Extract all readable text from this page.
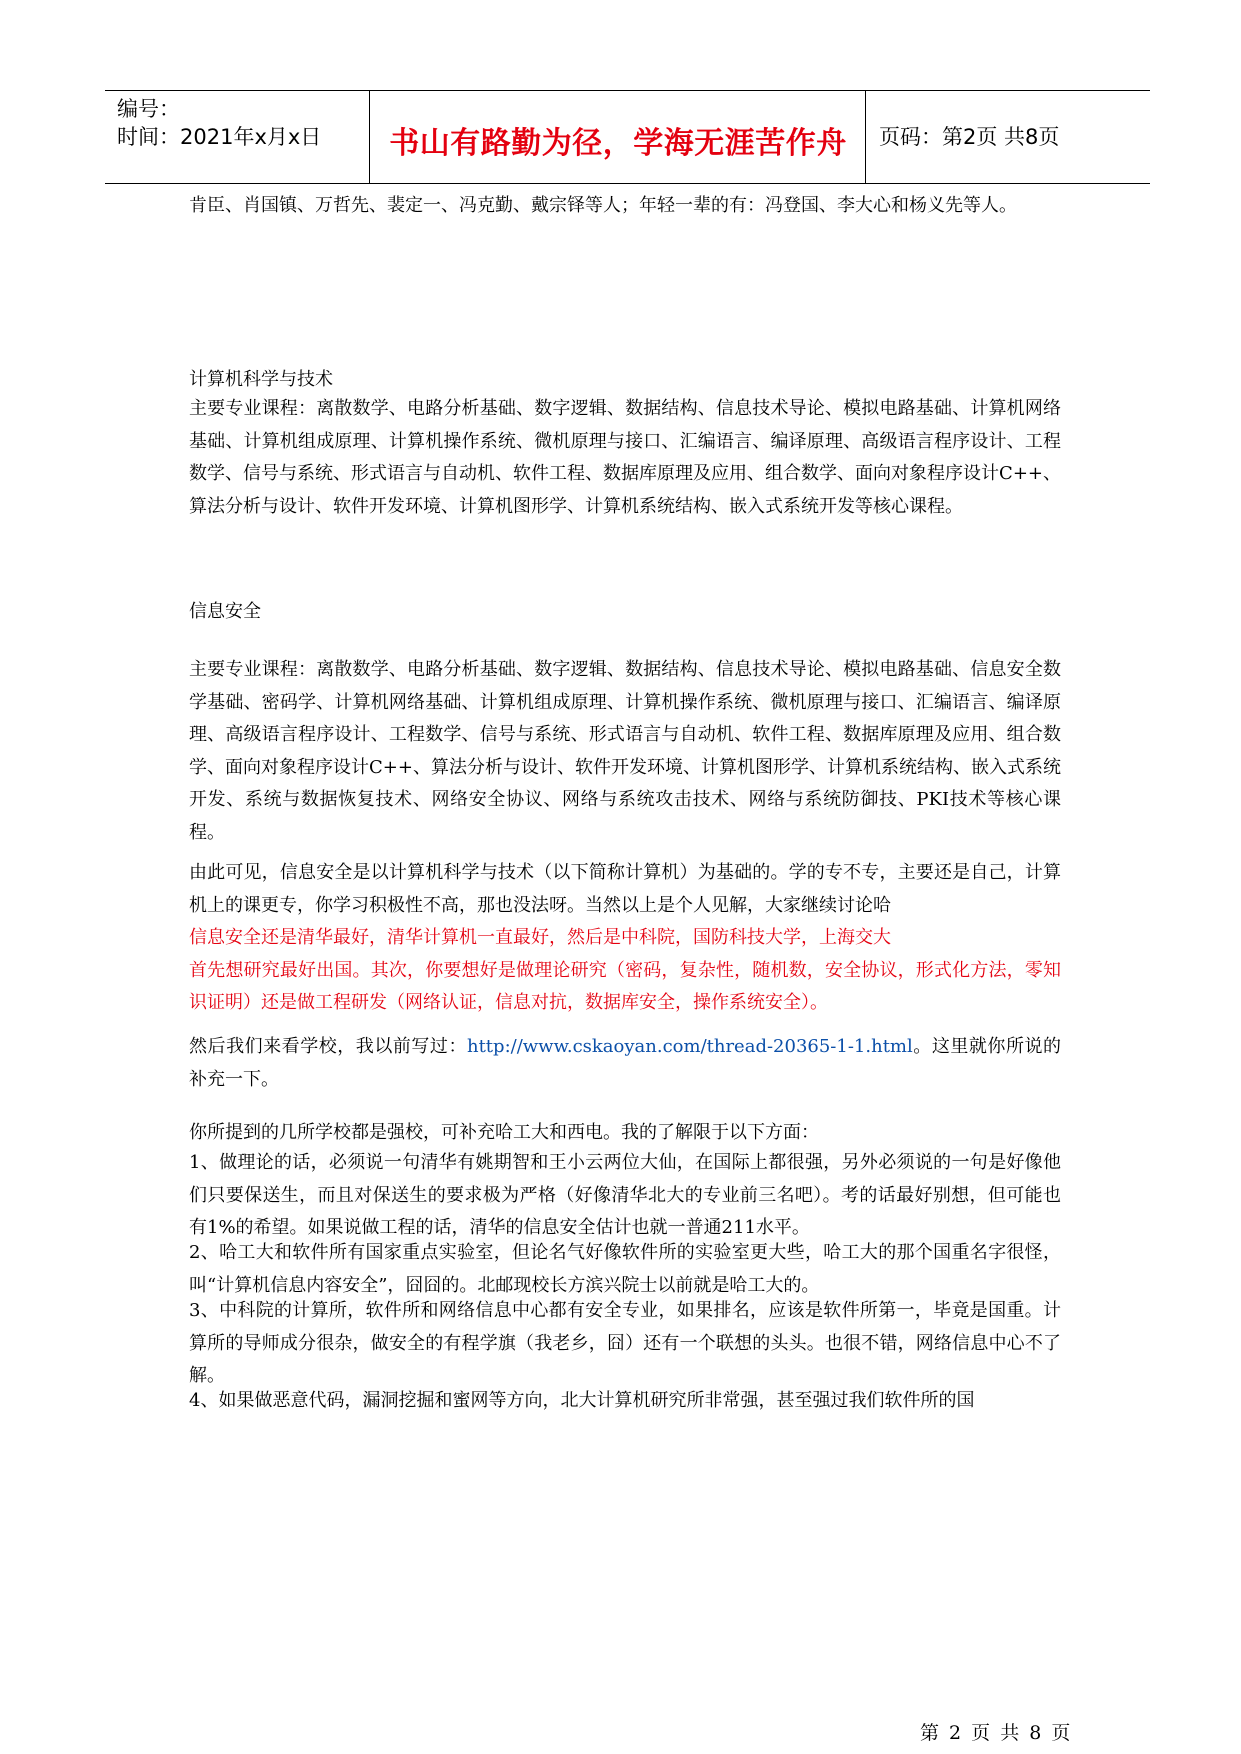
编号：
时间：2021年x月x日	书山有路勤为径，学海无涯苦作舟	页码：第2页 共8页
肯臣、肖国镇、万哲先、裴定一、冯克勤、戴宗铎等人；年轻一辈的有：冯登国、李大心和杨义先等人。
计算机科学与技术
主要专业课程：离散数学、电路分析基础、数字逻辑、数据结构、信息技术导论、模拟电路基础、计算机网络基础、计算机组成原理、计算机操作系统、微机原理与接口、汇编语言、编译原理、高级语言程序设计、工程数学、信号与系统、形式语言与自动机、软件工程、数据库原理及应用、组合数学、面向对象程序设计C++、算法分析与设计、软件开发环境、计算机图形学、计算机系统结构、嵌入式系统开发等核心课程。
信息安全
主要专业课程：离散数学、电路分析基础、数字逻辑、数据结构、信息技术导论、模拟电路基础、信息安全数学基础、密码学、计算机网络基础、计算机组成原理、计算机操作系统、微机原理与接口、汇编语言、编译原理、高级语言程序设计、工程数学、信号与系统、形式语言与自动机、软件工程、数据库原理及应用、组合数学、面向对象程序设计C++、算法分析与设计、软件开发环境、计算机图形学、计算机系统结构、嵌入式系统开发、系统与数据恢复技术、网络安全协议、网络与系统攻击技术、网络与系统防御技、PKI技术等核心课程。
由此可见，信息安全是以计算机科学与技术（以下简称计算机）为基础的。学的专不专，主要还是自己，计算机上的课更专，你学习积极性不高，那也没法呀。当然以上是个人见解，大家继续讨论哈
信息安全还是清华最好，清华计算机一直最好，然后是中科院，国防科技大学，上海交大
首先想研究最好出国。其次，你要想好是做理论研究（密码，复杂性，随机数，安全协议，形式化方法，零知识证明）还是做工程研发（网络认证，信息对抗，数据库安全，操作系统安全）。
然后我们来看学校，我以前写过：http://www.cskaoyan.com/thread-20365-1-1.html。这里就你所说的补充一下。
你所提到的几所学校都是强校，可补充哈工大和西电。我的了解限于以下方面：
1、做理论的话，必须说一句清华有姚期智和王小云两位大仙，在国际上都很强，另外必须说的一句是好像他们只要保送生，而且对保送生的要求极为严格（好像清华北大的专业前三名吧）。考的话最好别想，但可能也有1%的希望。如果说做工程的话，清华的信息安全估计也就一普通211水平。
2、哈工大和软件所有国家重点实验室，但论名气好像软件所的实验室更大些，哈工大的那个国重名字很怪，叫“计算机信息内容安全”，囧囧的。北邮现校长方滨兴院士以前就是哈工大的。
3、中科院的计算所，软件所和网络信息中心都有安全专业，如果排名，应该是软件所第一，毕竟是国重。计算所的导师成分很杂，做安全的有程学旗（我老乡，囧）还有一个联想的头头。也很不错，网络信息中心不了解。
4、如果做恶意代码，漏洞挖掘和蜜网等方向，北大计算机研究所非常强，甚至强过我们软件所的国
第 2 页 共 8 页
